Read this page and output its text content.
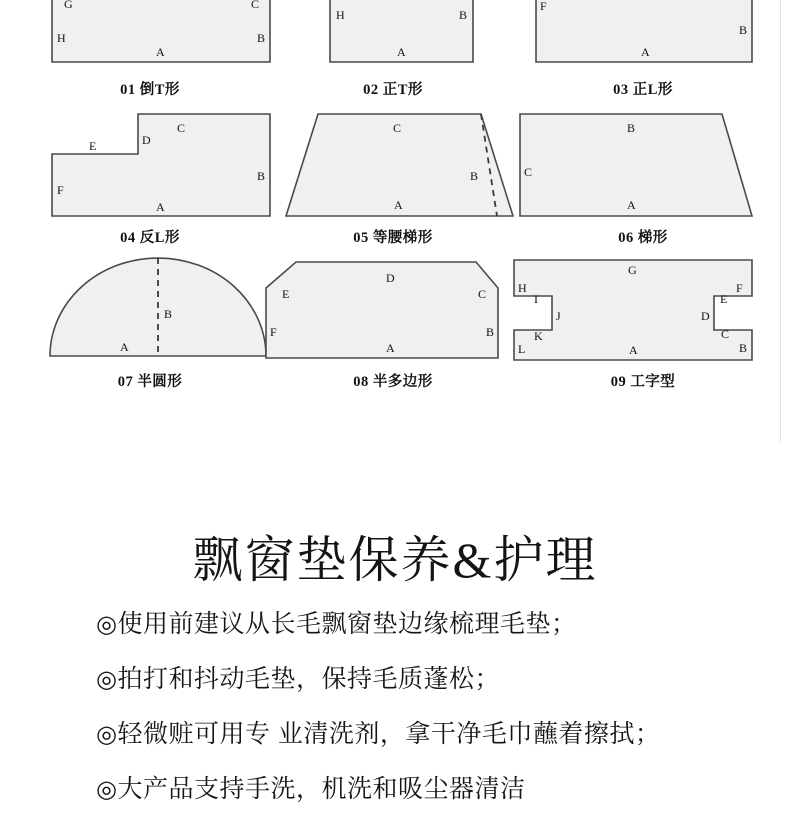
G	C
H	B
A
01 倒T形
H	B
A
02 正T形
F
B
A
03 正L形
C
D
E
F
B
A
04 反L形
C
B
A
05 等腰梯形
B
C
A
06 梯形
B
A
07 半圆形
D
E	C
F	B
A
08 半多边形
G
H	F
I	E
J	D
K	C
L	B
A
09 工字型
飘窗垫保养&护理
◎使用前建议从长毛飘窗垫边缘梳理毛垫；
◎拍打和抖动毛垫，保持毛质蓬松；
◎轻微赃可用专 业清洗剂，拿干净毛巾蘸着擦拭；
◎大产品支持手洗，机洗和吸尘器清洁
